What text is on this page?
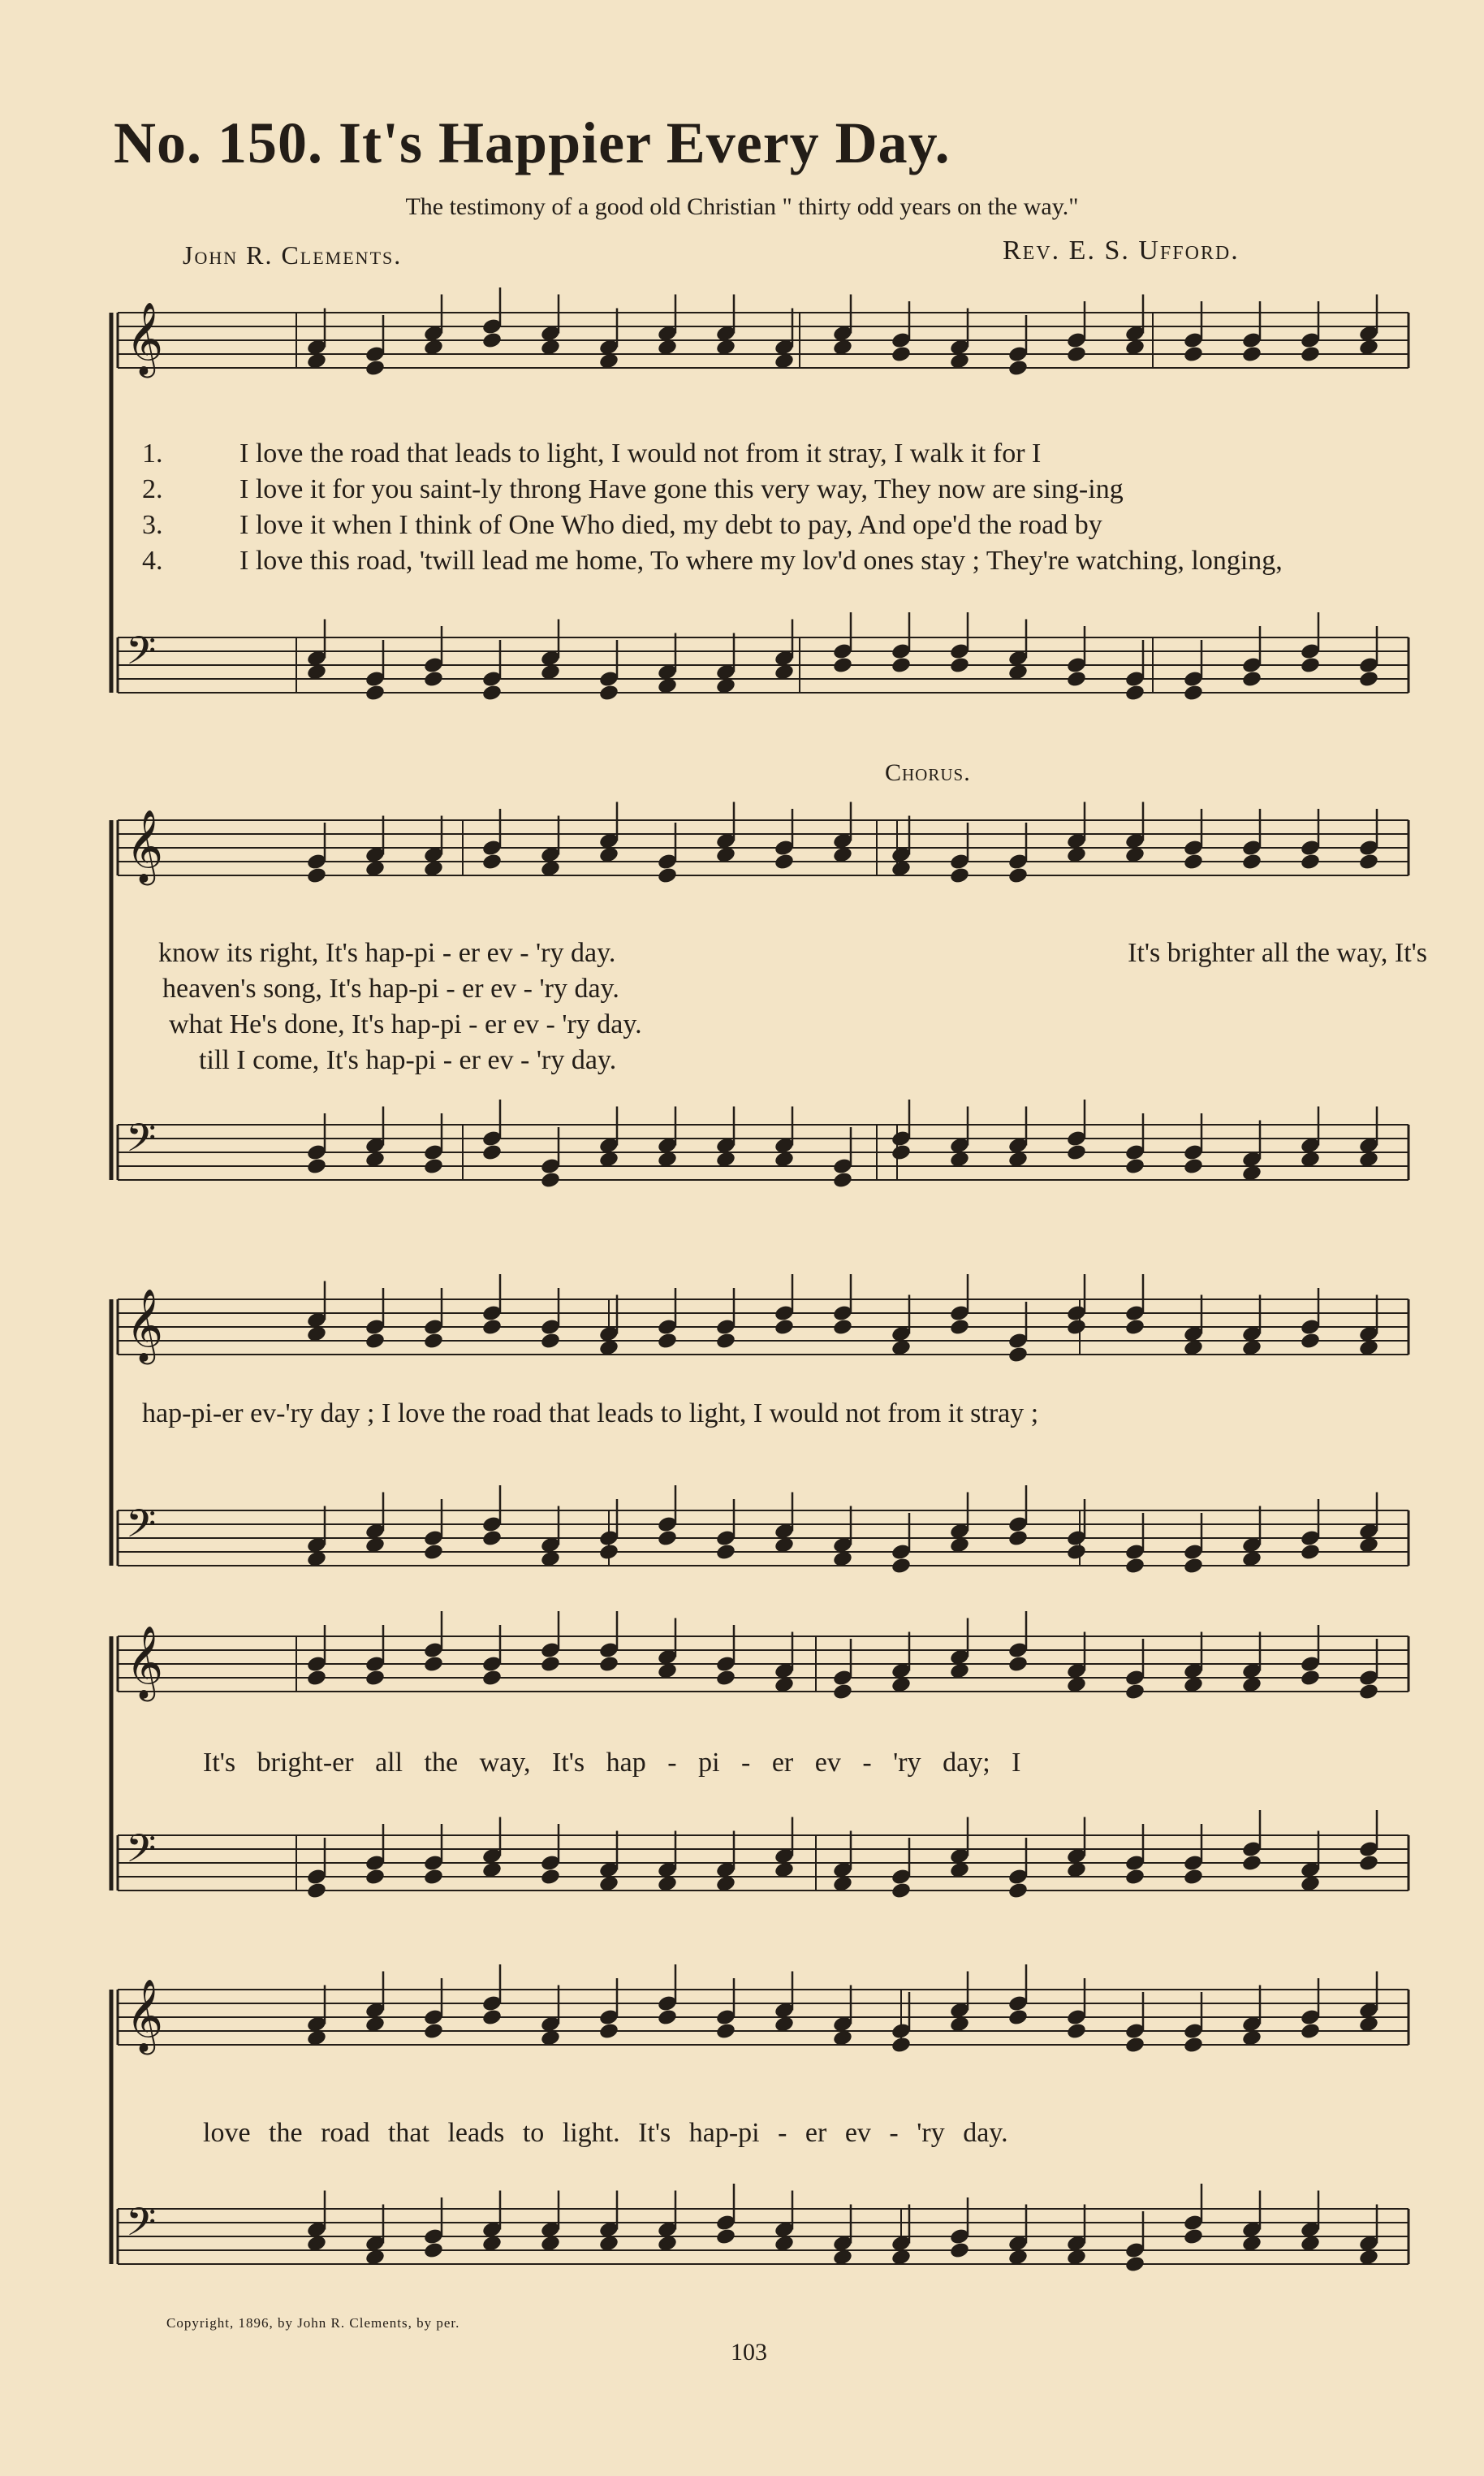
𝄞
𝄢
𝄞
𝄢
𝄞
𝄢
𝄞
𝄢
𝄞
𝄢
No. 150. It's Happier Every Day.
The testimony of a good old Christian " thirty odd years on the way."
John R. Clements.	Rev. E. S. Ufford.
1.	I love the road that leads to light, I would not from it stray, I walk it for I
2.	I love it for you saint-ly throng Have gone this very way, They now are sing-ing
3.	I love it when I think of One Who died, my debt to pay, And ope'd the road by
4.	I love this road, 'twill lead me home, To where my lov'd ones stay ; They're watching, longing,
Chorus.
know its right, It's hap-pi - er ev - 'ry day.
heaven's song, It's hap-pi - er ev - 'ry day.
what He's done, It's hap-pi - er ev - 'ry day.
till I come, It's hap-pi - er ev - 'ry day.
It's brighter all the way, It's
hap-pi-er ev-'ry day ; I love the road that leads to light, I would not from it stray ;
It's bright-er all the way, It's hap - pi - er ev - 'ry day; I
love the road that leads to light. It's hap-pi - er ev - 'ry day.
Copyright, 1896, by John R. Clements, by per.
103
